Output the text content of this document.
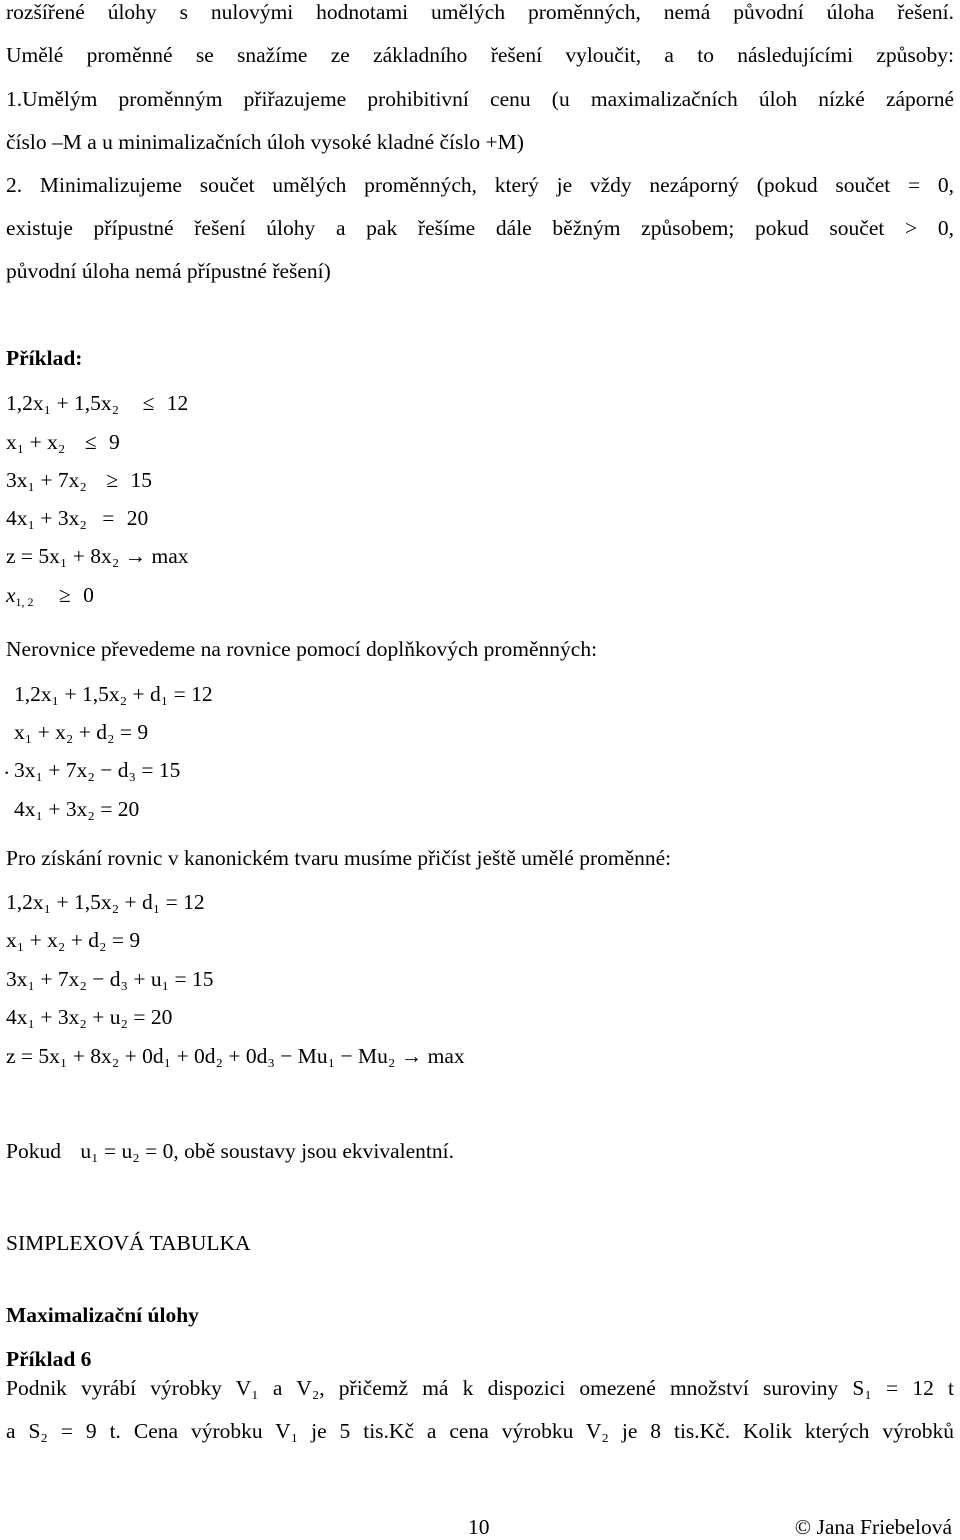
rozšířené úlohy s nulovými hodnotami umělých proměnných, nemá původní úloha řešení.
Umělé proměnné se snažíme ze základního řešení vyloučit, a to následujícími způsoby:
1.Umělým proměnným přiřazujeme prohibitivní cenu (u maximalizačních úloh nízké záporné
číslo –M a u minimalizačních úloh vysoké kladné číslo +M)
2. Minimalizujeme součet umělých proměnných, který je vždy nezáporný (pokud součet = 0,
existuje přípustné řešení úlohy a pak řešíme dále běžným způsobem; pokud součet > 0,
původní úloha nemá přípustné řešení)
Příklad:
1,2x₁ + 1,5x₂ ≤ 12
x₁ + x₂ ≤ 9
3x₁ + 7x₂ ≥ 15
4x₁ + 3x₂ = 20
z = 5x₁ + 8x₂ → max
$x_{1, 2} \ge 0$
Nerovnice převedeme na rovnice pomocí doplňkových proměnných:
1,2x₁ + 1,5x₂ + d₁ = 12
x₁ + x₂ + d₂ = 9
. 3x₁ + 7x₂ − d₃ = 15
4x₁ + 3x₂ = 20
Pro získání rovnic v kanonickém tvaru musíme přičíst ještě umělé proměnné:
1,2x₁ + 1,5x₂ + d₁ = 12
x₁ + x₂ + d₂ = 9
3x₁ + 7x₂ − d₃ + u₁ = 15
4x₁ + 3x₂ + u₂ = 20
z = 5x₁ + 8x₂ + 0d₁ + 0d₂ + 0d₃ − Mu₁ − Mu₂ → max
Pokud u₁ = u₂ = 0, obě soustavy jsou ekvivalentní.
SIMPLEXOVÁ TABULKA
Maximalizační úlohy
Příklad 6
Podnik vyrábí výrobky V₁ a V₂, přičemž má k dispozici omezené množství suroviny S₁ = 12 t
a S₂ = 9 t. Cena výrobku V₁ je 5 tis.Kč a cena výrobku V₂ je 8 tis.Kč. Kolik kterých výrobků
10	© Jana Friebelová
